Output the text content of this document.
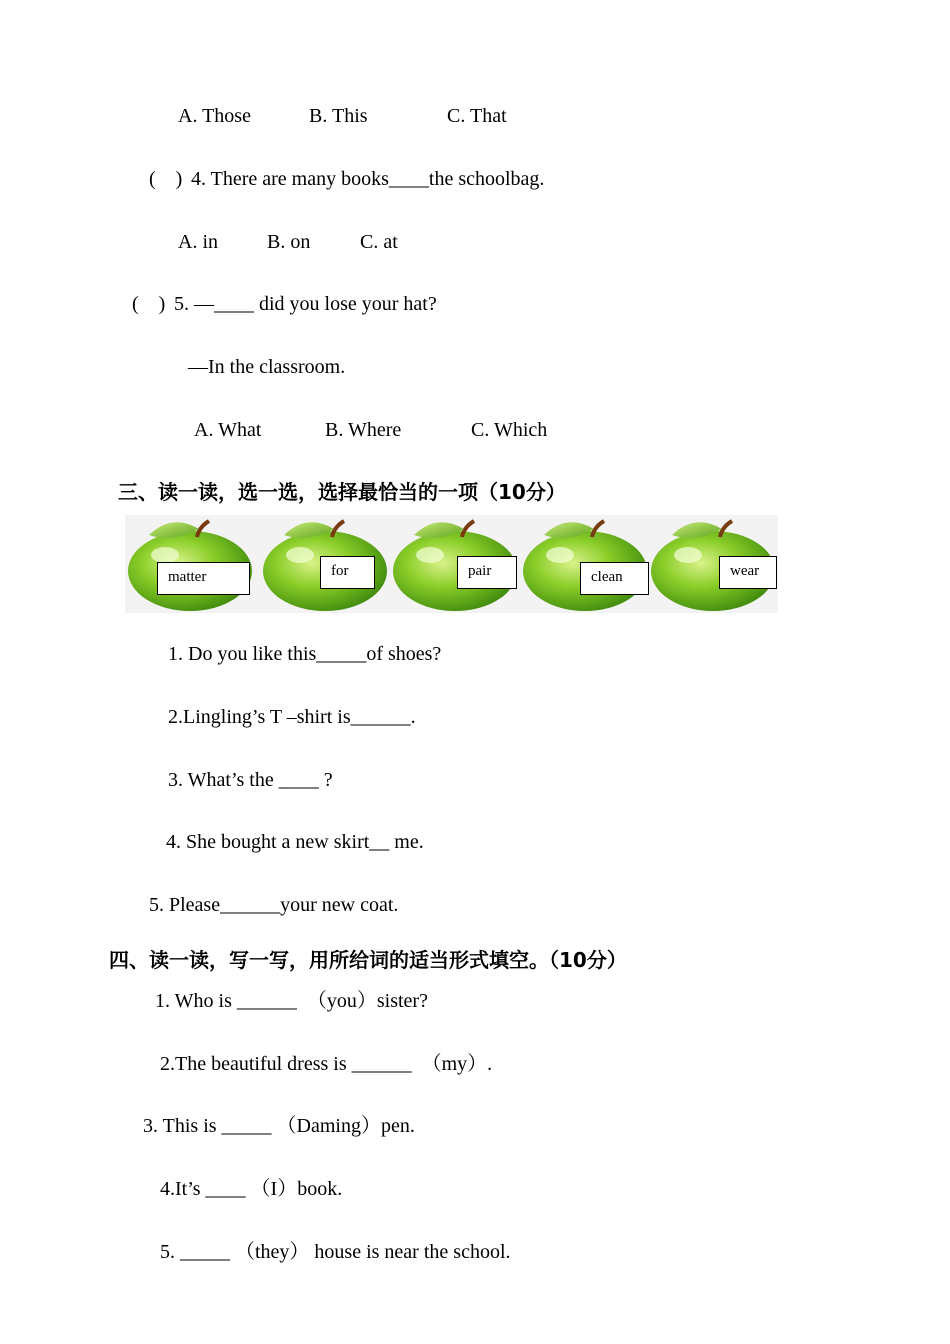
A. Those	B. This	C. That
(    ) 4. There are many books____the schoolbag.
A. in B. on C. at
(    ) 5. —____ did you lose your hat?
—In the classroom.
A. What	B. Where	C. Which
三、读一读，选一选，选择最恰当的一项（10分）
matter	for	pair	clean	wear
1. Do you like this_____of shoes?
2.Lingling’s T –shirt is______.
3. What’s the ____ ?
4. She bought a new skirt__ me.
5. Please______your new coat.
四、读一读，写一写，用所给词的适当形式填空。（10分）
1. Who is ______  （you）sister?
2.The beautiful dress is ______  （my）.
3. This is _____ （Daming）pen.
4.It’s ____ （I）book.
5. _____ （they） house is near the school.
